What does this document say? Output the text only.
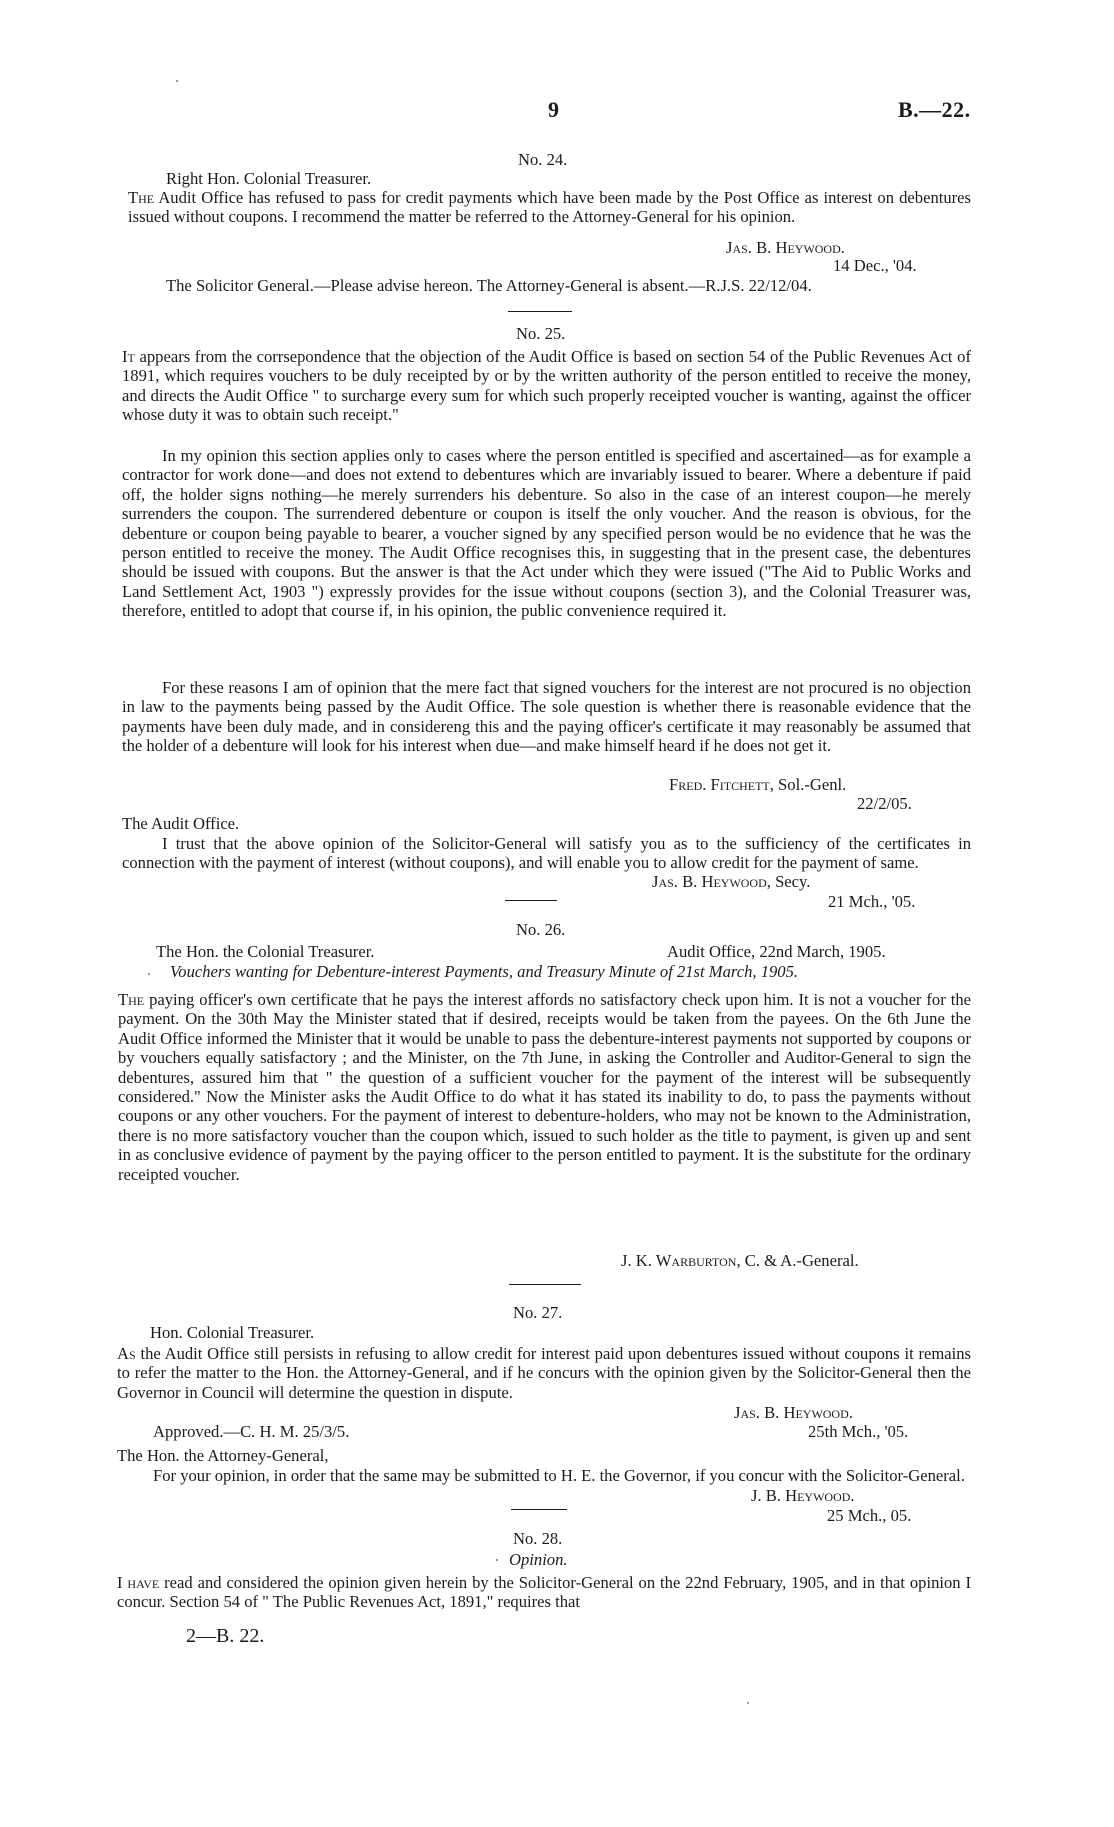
9	B.—22.
No. 24.
Right Hon. Colonial Treasurer.

The Audit Office has refused to pass for credit payments which have been made by the Post Office as interest on debentures issued without coupons. I recommend the matter be referred to the Attorney-General for his opinion.

Jas. B. Heywood.
14 Dec., '04.
The Solicitor General.—Please advise hereon. The Attorney-General is absent.—R.J.S. 22/12/04.
No. 25.

It appears from the corrsepondence that the objection of the Audit Office is based on section 54 of the Public Revenues Act of 1891, which requires vouchers to be duly receipted by or by the written authority of the person entitled to receive the money, and directs the Audit Office " to surcharge every sum for which such properly receipted voucher is wanting, against the officer whose duty it was to obtain such receipt."

In my opinion this section applies only to cases where the person entitled is specified and ascertained—as for example a contractor for work done—and does not extend to debentures which are invariably issued to bearer. Where a debenture if paid off, the holder signs nothing—he merely surrenders his debenture. So also in the case of an interest coupon—he merely surrenders the coupon. The surrendered debenture or coupon is itself the only voucher. And the reason is obvious, for the debenture or coupon being payable to bearer, a voucher signed by any specified person would be no evidence that he was the person entitled to receive the money. The Audit Office recognises this, in suggesting that in the present case, the debentures should be issued with coupons. But the answer is that the Act under which they were issued ("The Aid to Public Works and Land Settlement Act, 1903 ") expressly provides for the issue without coupons (section 3), and the Colonial Treasurer was, therefore, entitled to adopt that course if, in his opinion, the public convenience required it.

For these reasons I am of opinion that the mere fact that signed vouchers for the interest are not procured is no objection in law to the payments being passed by the Audit Office. The sole question is whether there is reasonable evidence that the payments have been duly made, and in considereng this and the paying officer's certificate it may reasonably be assumed that the holder of a debenture will look for his interest when due—and make himself heard if he does not get it.

Fred. Fitchett, Sol.-Genl.
22/2/05.
The Audit Office.

I trust that the above opinion of the Solicitor-General will satisfy you as to the sufficiency of the certificates in connection with the payment of interest (without coupons), and will enable you to allow credit for the payment of same.

Jas. B. Heywood, Secy.
21 Mch., '05.
No. 26.
The Hon. the Colonial Treasurer.	Audit Office, 22nd March, 1905.
Vouchers wanting for Debenture-interest Payments, and Treasury Minute of 21st March, 1905.

The paying officer's own certificate that he pays the interest affords no satisfactory check upon him. It is not a voucher for the payment. On the 30th May the Minister stated that if desired, receipts would be taken from the payees. On the 6th June the Audit Office informed the Minister that it would be unable to pass the debenture-interest payments not supported by coupons or by vouchers equally satisfactory ; and the Minister, on the 7th June, in asking the Controller and Auditor-General to sign the debentures, assured him that " the question of a sufficient voucher for the payment of the interest will be subsequently considered." Now the Minister asks the Audit Office to do what it has stated its inability to do, to pass the payments without coupons or any other vouchers. For the payment of interest to debenture-holders, who may not be known to the Administration, there is no more satisfactory voucher than the coupon which, issued to such holder as the title to payment, is given up and sent in as conclusive evidence of payment by the paying officer to the person entitled to payment. It is the substitute for the ordinary receipted voucher.

J. K. Warburton, C. & A.-General.
No. 27.
Hon. Colonial Treasurer.

As the Audit Office still persists in refusing to allow credit for interest paid upon debentures issued without coupons it remains to refer the matter to the Hon. the Attorney-General, and if he concurs with the opinion given by the Solicitor-General then the Governor in Council will determine the question in dispute.

Jas. B. Heywood.
Approved.—C. H. M. 25/3/5.	25th Mch., '05.
The Hon. the Attorney-General,

For your opinion, in order that the same may be submitted to H. E. the Governor, if you concur with the Solicitor-General.

J. B. Heywood.
25 Mch., 05.
No. 28.
Opinion.

I have read and considered the opinion given herein by the Solicitor-General on the 22nd February, 1905, and in that opinion I concur. Section 54 of " The Public Revenues Act, 1891," requires that

2—B. 22.
